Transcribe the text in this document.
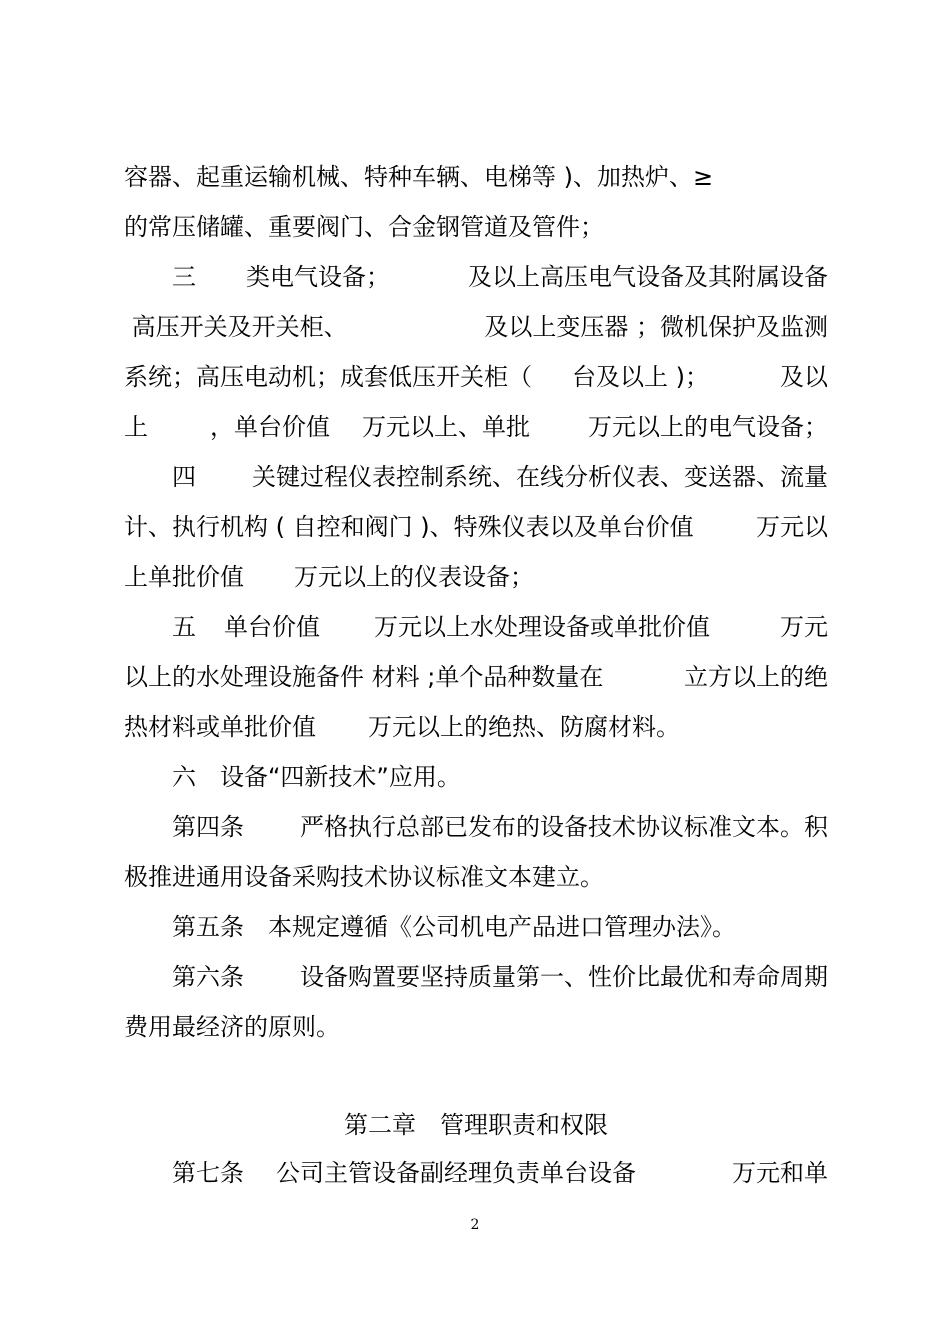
容器、起重运输机械、特种车辆、电梯等 )、加热炉、≥
的常压储罐、重要阀门、合金钢管道及管件；
　　三 类电气设备；	及以上高压电气设备及其附属设备
高压开关及开关柜、	及以上变压器 ；微机保护及监测
系统；高压电动机；成套低压开关柜（ 台及以上 )；	及以
上	，单台价值 万元以上、单批 万元以上的电气设备；
　　四 关键过程仪表控制系统、在线分析仪表、变送器、流量
计、执行机构 ( 自控和阀门 )、特殊仪表以及单台价值	万元以
上单批价值 万元以上的仪表设备；
　　五 单台价值 万元以上水处理设备或单批价值	万元
以上的水处理设施备件 材料 ;单个品种数量在	立方以上的绝
热材料或单批价值 万元以上的绝热、防腐材料。
　　六　设备“四新技术”应用。
　　第四条 严格执行总部已发布的设备技术协议标准文本。积
极推进通用设备采购技术协议标准文本建立。
　　第五条　本规定遵循《公司机电产品进口管理办法》。
　　第六条 设备购置要坚持质量第一、性价比最优和寿命周期
费用最经济的原则。
第二章　管理职责和权限
　　第七条 公司主管设备副经理负责单台设备	万元和单
2
